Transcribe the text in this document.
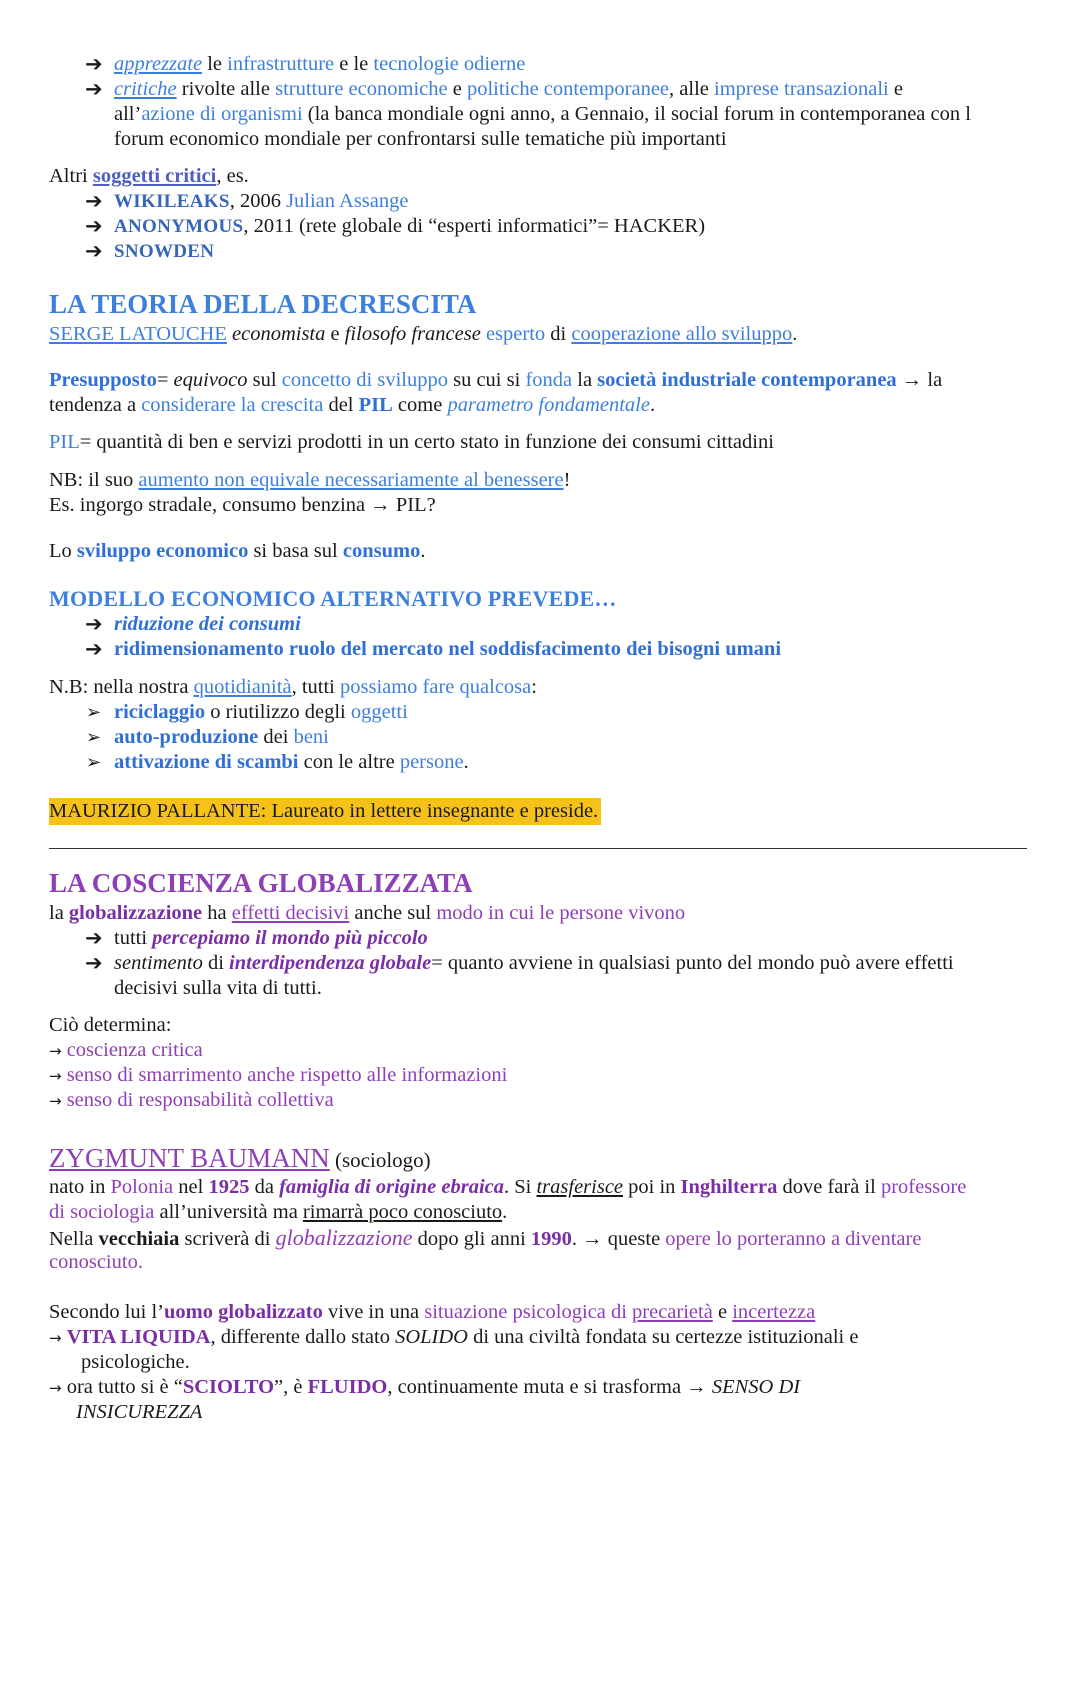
➔ apprezzate le infrastrutture e le tecnologie odierne
➔ critiche rivolte alle strutture economiche e politiche contemporanee, alle imprese transazionali e
all’azione di organismi (la banca mondiale ogni anno, a Gennaio, il social forum in contemporanea con l
forum economico mondiale per confrontarsi sulle tematiche più importanti
Altri soggetti critici, es.
➔ WIKILEAKS, 2006 Julian Assange
➔ ANONYMOUS, 2011 (rete globale di “esperti informatici”= HACKER)
➔ SNOWDEN
LA TEORIA DELLA DECRESCITA
SERGE LATOUCHE economista e filosofo francese esperto di cooperazione allo sviluppo.
Presupposto= equivoco sul concetto di sviluppo su cui si fonda la società industriale contemporanea → la
tendenza a considerare la crescita del PIL come parametro fondamentale.
PIL= quantità di ben e servizi prodotti in un certo stato in funzione dei consumi cittadini
NB: il suo aumento non equivale necessariamente al benessere!
Es. ingorgo stradale, consumo benzina → PIL?
Lo sviluppo economico si basa sul consumo.
MODELLO ECONOMICO ALTERNATIVO PREVEDE…
➔ riduzione dei consumi
➔ ridimensionamento ruolo del mercato nel soddisfacimento dei bisogni umani
N.B: nella nostra quotidianità, tutti possiamo fare qualcosa:
➢ riciclaggio o riutilizzo degli oggetti
➢ auto-produzione dei beni
➢ attivazione di scambi con le altre persone.
MAURIZIO PALLANTE: Laureato in lettere insegnante e preside.
LA COSCIENZA GLOBALIZZATA
la globalizzazione ha effetti decisivi anche sul modo in cui le persone vivono
➔ tutti percepiamo il mondo più piccolo
➔ sentimento di interdipendenza globale= quanto avviene in qualsiasi punto del mondo può avere effetti
decisivi sulla vita di tutti.
Ciò determina:
→ coscienza critica
→ senso di smarrimento anche rispetto alle informazioni
→ senso di responsabilità collettiva
ZYGMUNT BAUMANN (sociologo)
nato in Polonia nel 1925 da famiglia di origine ebraica. Si trasferisce poi in Inghilterra dove farà il professore
di sociologia all’università ma rimarrà poco conosciuto.
Nella vecchiaia scriverà di globalizzazione dopo gli anni 1990. → queste opere lo porteranno a diventare
conosciuto.
Secondo lui l’uomo globalizzato vive in una situazione psicologica di precarietà e incertezza
→ VITA LIQUIDA, differente dallo stato SOLIDO di una civiltà fondata su certezze istituzionali e
psicologiche.
→ ora tutto si è “SCIOLTO”, è FLUIDO, continuamente muta e si trasforma → SENSO DI
INSICUREZZA
